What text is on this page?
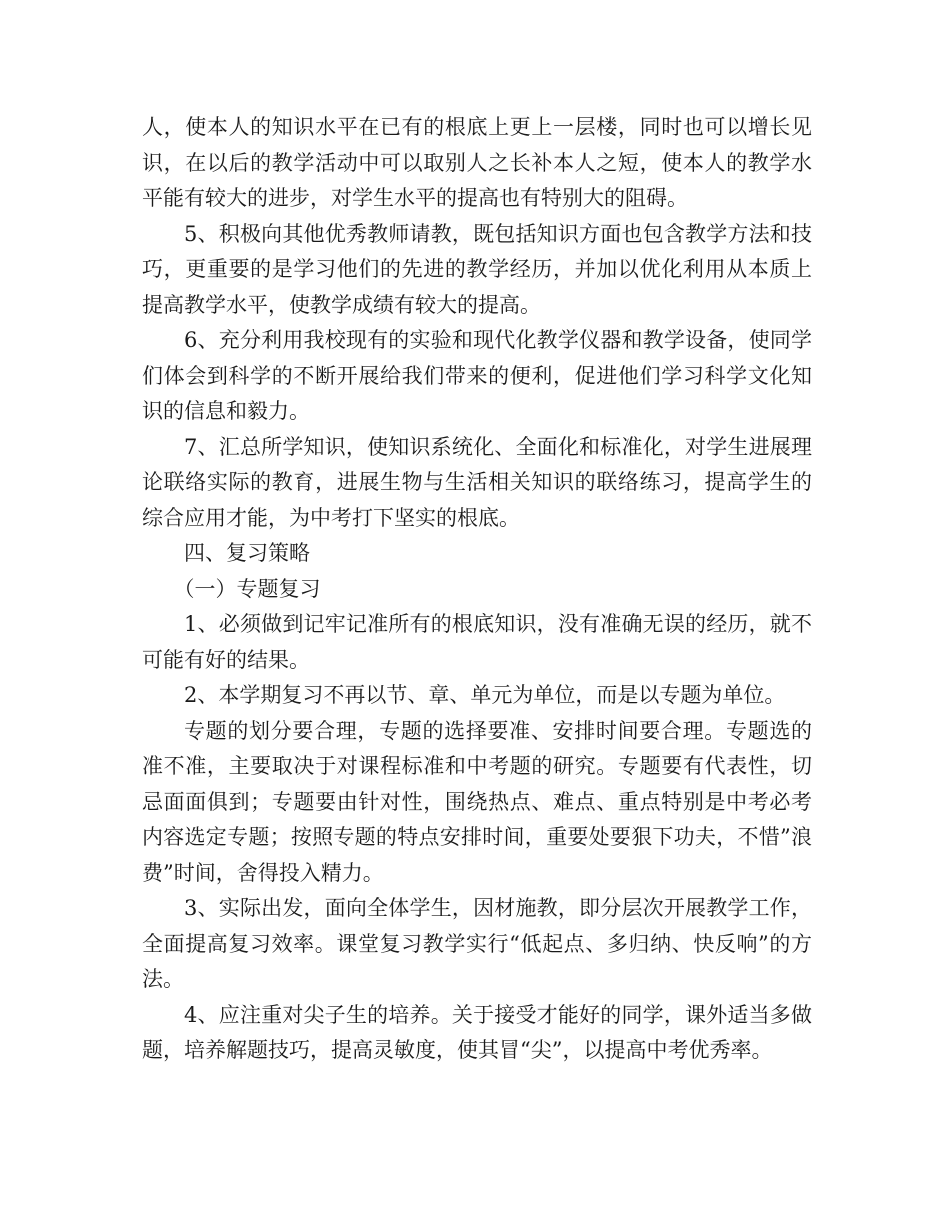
人，使本人的知识水平在已有的根底上更上一层楼，同时也可以增长见识，在以后的教学活动中可以取别人之长补本人之短，使本人的教学水平能有较大的进步，对学生水平的提高也有特别大的阻碍。

5、积极向其他优秀教师请教，既包括知识方面也包含教学方法和技巧，更重要的是学习他们的先进的教学经历，并加以优化利用从本质上提高教学水平，使教学成绩有较大的提高。

6、充分利用我校现有的实验和现代化教学仪器和教学设备，使同学们体会到科学的不断开展给我们带来的便利，促进他们学习科学文化知识的信息和毅力。

7、汇总所学知识，使知识系统化、全面化和标准化，对学生进展理论联络实际的教育，进展生物与生活相关知识的联络练习，提高学生的综合应用才能，为中考打下坚实的根底。

四、复习策略

（一）专题复习

1、必须做到记牢记准所有的根底知识，没有准确无误的经历，就不可能有好的结果。

2、本学期复习不再以节、章、单元为单位，而是以专题为单位。

专题的划分要合理，专题的选择要准、安排时间要合理。专题选的准不准，主要取决于对课程标准和中考题的研究。专题要有代表性，切忌面面俱到；专题要由针对性，围绕热点、难点、重点特别是中考必考内容选定专题；按照专题的特点安排时间，重要处要狠下功夫，不惜”浪费”时间，舍得投入精力。

3、实际出发，面向全体学生，因材施教，即分层次开展教学工作，全面提高复习效率。课堂复习教学实行“低起点、多归纳、快反响”的方法。

4、应注重对尖子生的培养。关于接受才能好的同学，课外适当多做题，培养解题技巧，提高灵敏度，使其冒“尖”，以提高中考优秀率。
